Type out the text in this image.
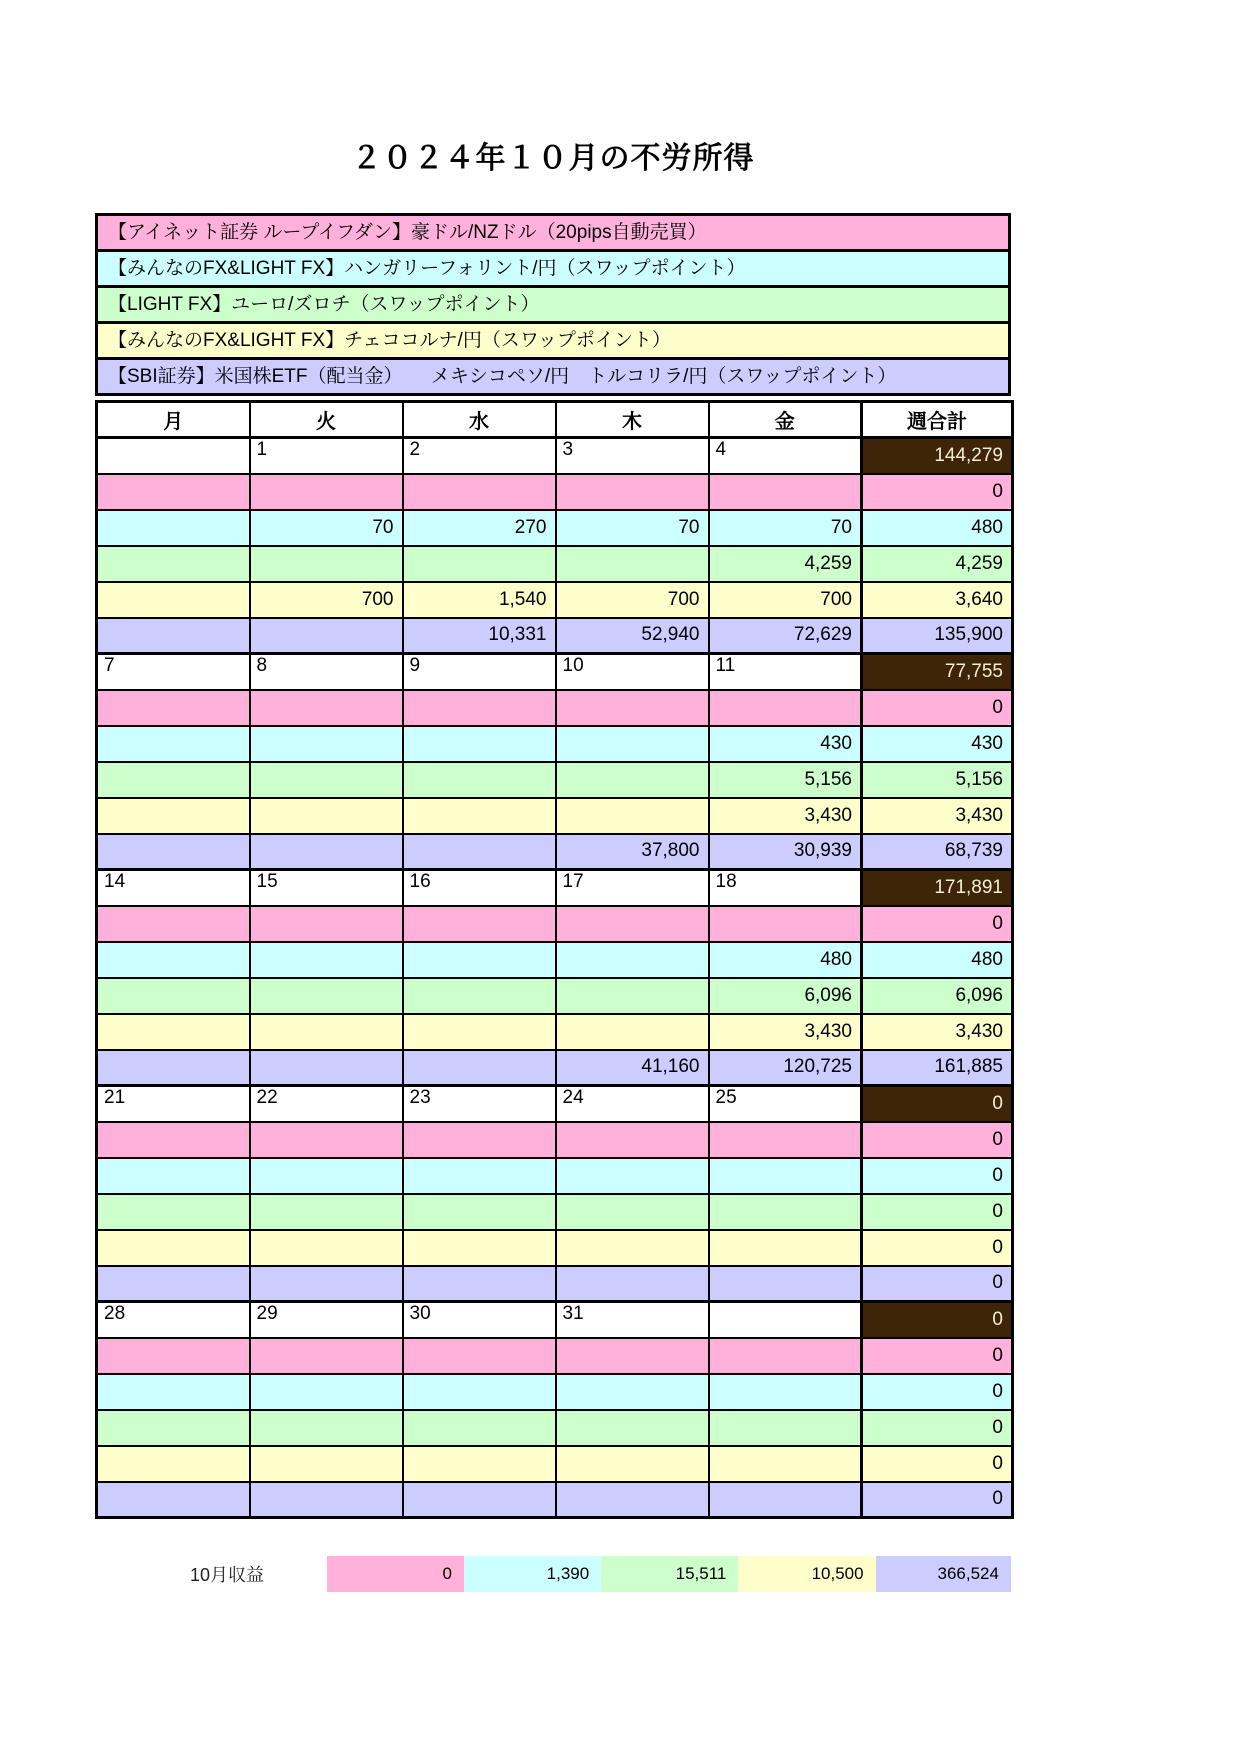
２０２４年１０月の不労所得
【アイネット証券 ループイフダン】豪ドル/NZドル（20pips自動売買）
【みんなのFX&LIGHT FX】ハンガリーフォリント/円（スワップポイント）
【LIGHT FX】ユーロ/ズロチ（スワップポイント）
【みんなのFX&LIGHT FX】チェココルナ/円（スワップポイント）
【SBI証券】米国株ETF（配当金）　　メキシコペソ/円　トルコリラ/円（スワップポイント）
月	火	水	木	金	週合計
	1	2	3	4	144,279
					0
	70	270	70	70	480
				4,259	4,259
	700	1,540	700	700	3,640
		10,331	52,940	72,629	135,900
7	8	9	10	11	77,755
					0
				430	430
				5,156	5,156
				3,430	3,430
			37,800	30,939	68,739
14	15	16	17	18	171,891
					0
				480	480
				6,096	6,096
				3,430	3,430
			41,160	120,725	161,885
21	22	23	24	25	0
					0
					0
					0
					0
					0
28	29	30	31		0
					0
					0
					0
					0
					0
10月収益	0	1,390	15,511	10,500	366,524
